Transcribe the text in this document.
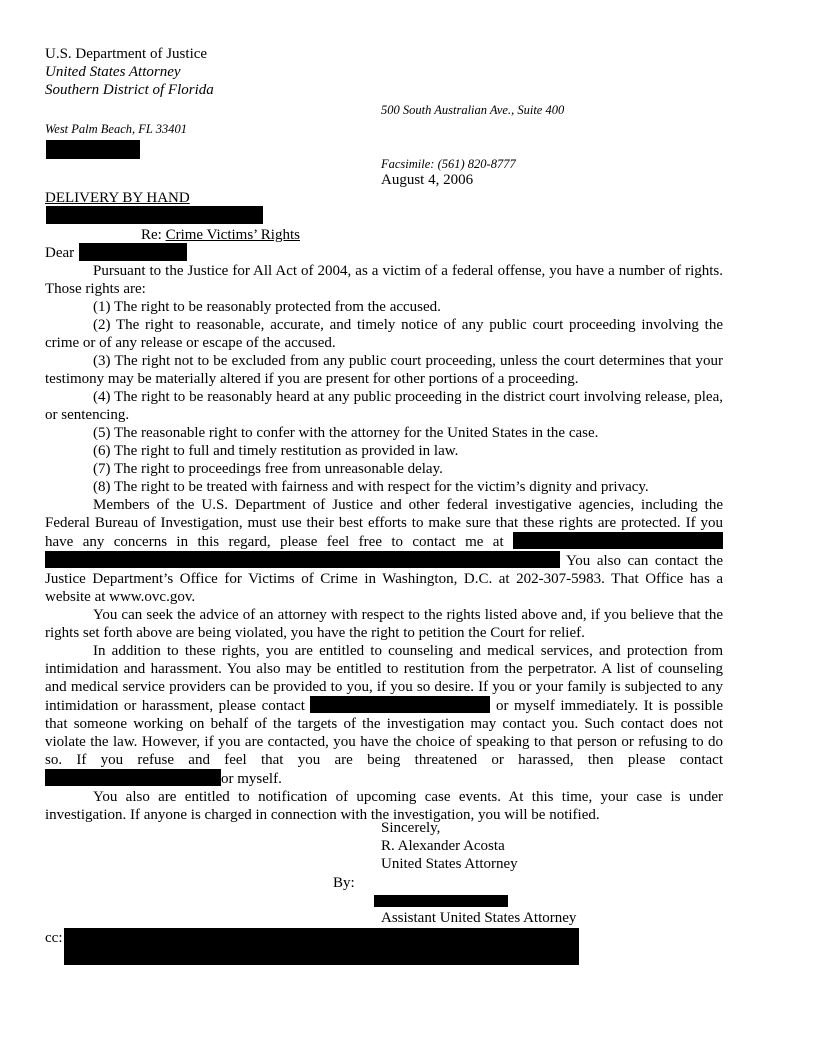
U.S. Department of Justice
United States Attorney
Southern District of Florida
500 South Australian Ave., Suite 400
West Palm Beach, FL 33401
Facsimile: (561) 820-8777
August 4, 2006
DELIVERY BY HAND
Re: Crime Victims’ Rights
Dear

Pursuant to the Justice for All Act of 2004, as a victim of a federal offense, you have a number of rights. Those rights are:

(1) The right to be reasonably protected from the accused.

(2) The right to reasonable, accurate, and timely notice of any public court proceeding involving the crime or of any release or escape of the accused.

(3) The right not to be excluded from any public court proceeding, unless the court determines that your testimony may be materially altered if you are present for other portions of a proceeding.

(4) The right to be reasonably heard at any public proceeding in the district court involving release, plea, or sentencing.

(5) The reasonable right to confer with the attorney for the United States in the case.

(6) The right to full and timely restitution as provided in law.

(7) The right to proceedings free from unreasonable delay.

(8) The right to be treated with fairness and with respect for the victim’s dignity and privacy.

Members of the U.S. Department of Justice and other federal investigative agencies, including the Federal Bureau of Investigation, must use their best efforts to make sure that these rights are protected. If you have any concerns in this regard, please feel free to contact me at  You also can contact the Justice Department’s Office for Victims of Crime in Washington, D.C. at 202-307-5983. That Office has a website at www.ovc.gov.

You can seek the advice of an attorney with respect to the rights listed above and, if you believe that the rights set forth above are being violated, you have the right to petition the Court for relief.

In addition to these rights, you are entitled to counseling and medical services, and protection from intimidation and harassment. You also may be entitled to restitution from the perpetrator. A list of counseling and medical service providers can be provided to you, if you so desire. If you or your family is subjected to any intimidation or harassment, please contact	or myself immediately. It is possible that someone working on behalf of the targets of the investigation may contact you. Such contact does not violate the law. However, if you are contacted, you have the choice of speaking to that person or refusing to do so. If you refuse and feel that you are being threatened or harassed, then please contact or myself.

You also are entitled to notification of upcoming case events. At this time, your case is under investigation. If anyone is charged in connection with the investigation, you will be notified.

Sincerely,
R. Alexander Acosta
United States Attorney
By:
Assistant United States Attorney
cc:
